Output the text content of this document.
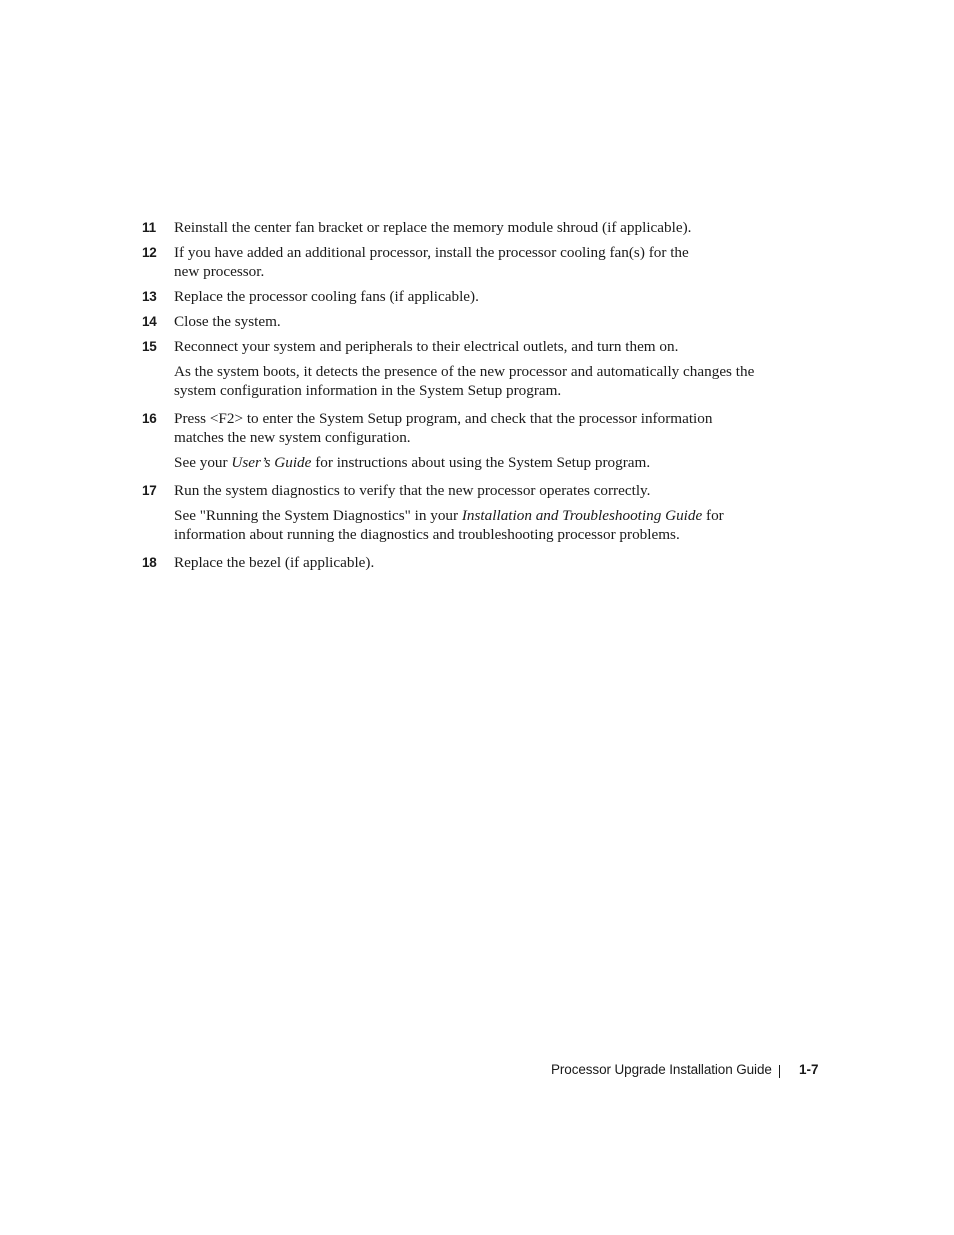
11 Reinstall the center fan bracket or replace the memory module shroud (if applicable).

12 If you have added an additional processor, install the processor cooling fan(s) for the new processor.

13 Replace the processor cooling fans (if applicable).

14 Close the system.

15 Reconnect your system and peripherals to their electrical outlets, and turn them on.

As the system boots, it detects the presence of the new processor and automatically changes the system configuration information in the System Setup program.

16 Press <F2> to enter the System Setup program, and check that the processor information matches the new system configuration.

See your User’s Guide for instructions about using the System Setup program.

17 Run the system diagnostics to verify that the new processor operates correctly.

See "Running the System Diagnostics" in your Installation and Troubleshooting Guide for information about running the diagnostics and troubleshooting processor problems.

18 Replace the bezel (if applicable).

Processor Upgrade Installation Guide 1-7
